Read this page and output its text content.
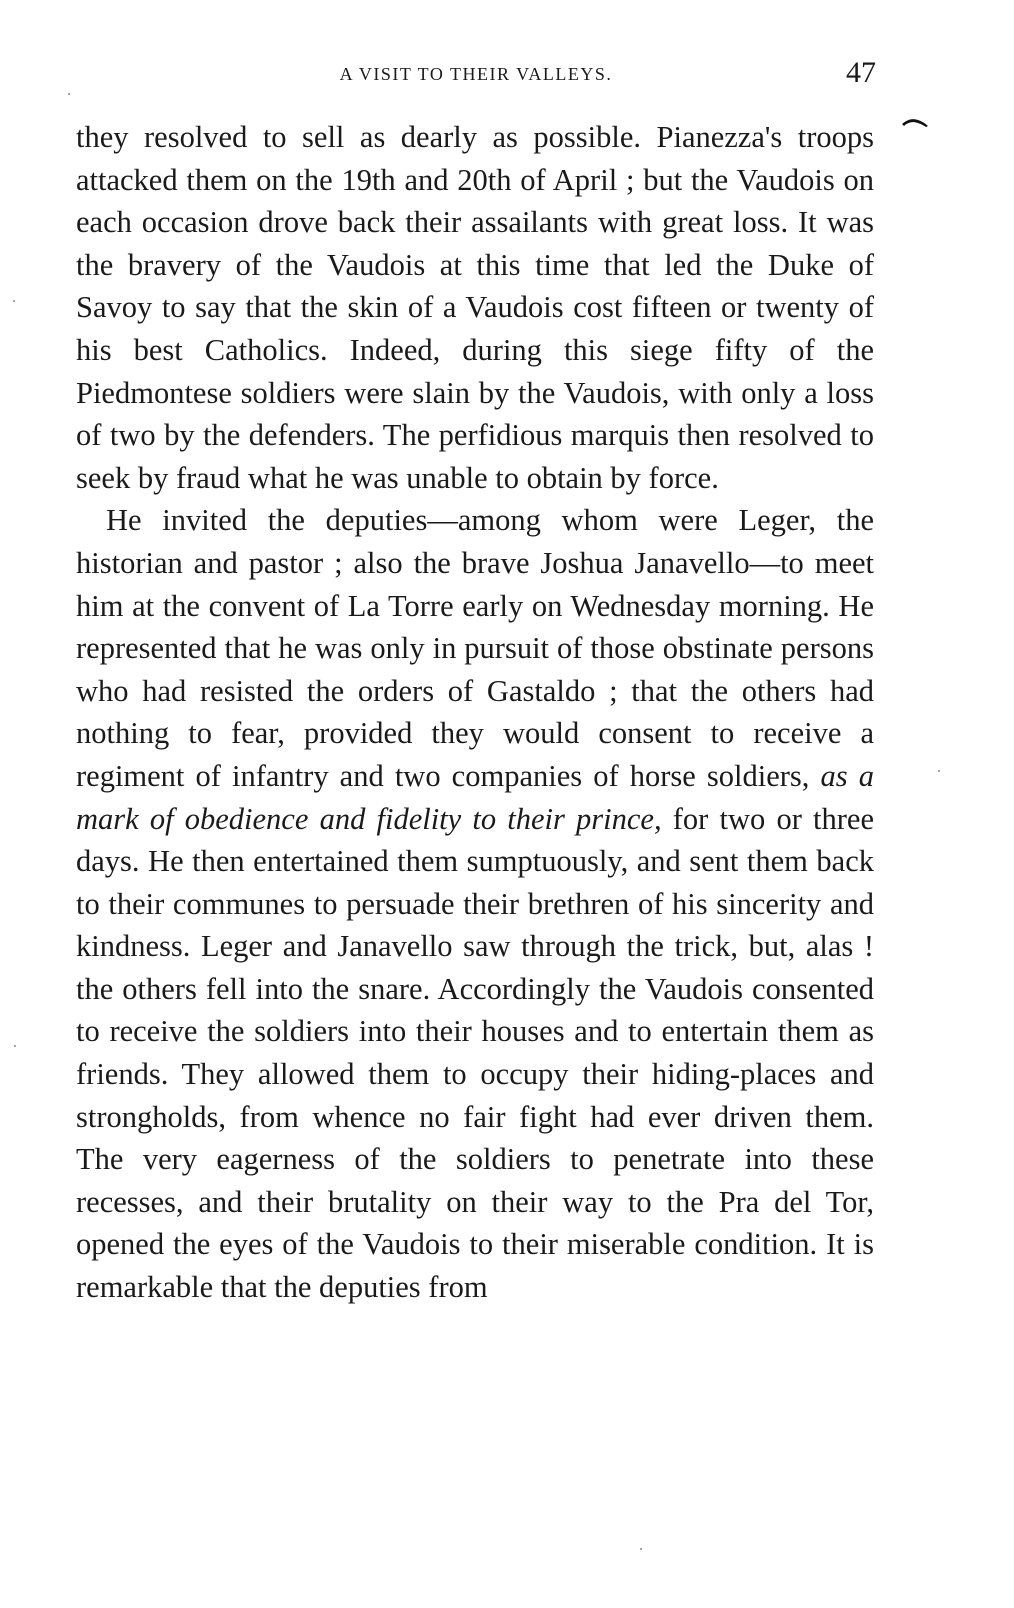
A VISIT TO THEIR VALLEYS.	47

they resolved to sell as dearly as possible. Pianezza's troops attacked them on the 19th and 20th of April ; but the Vaudois on each occasion drove back their assailants with great loss. It was the bravery of the Vaudois at this time that led the Duke of Savoy to say that the skin of a Vaudois cost fifteen or twenty of his best Catholics. Indeed, during this siege fifty of the Piedmontese soldiers were slain by the Vaudois, with only a loss of two by the defenders. The perfidious marquis then resolved to seek by fraud what he was unable to obtain by force.

He invited the deputies—among whom were Leger, the historian and pastor ; also the brave Joshua Janavello—to meet him at the convent of La Torre early on Wednesday morning. He represented that he was only in pursuit of those obstinate persons who had resisted the orders of Gastaldo ; that the others had nothing to fear, provided they would consent to receive a regiment of infantry and two companies of horse soldiers, as a mark of obedience and fidelity to their prince, for two or three days. He then entertained them sumptuously, and sent them back to their communes to persuade their brethren of his sincerity and kindness. Leger and Janavello saw through the trick, but, alas ! the others fell into the snare. Accordingly the Vaudois consented to receive the soldiers into their houses and to entertain them as friends. They allowed them to occupy their hiding-places and strongholds, from whence no fair fight had ever driven them. The very eagerness of the soldiers to penetrate into these recesses, and their brutality on their way to the Pra del Tor, opened the eyes of the Vaudois to their miserable condition. It is remarkable that the deputies from
